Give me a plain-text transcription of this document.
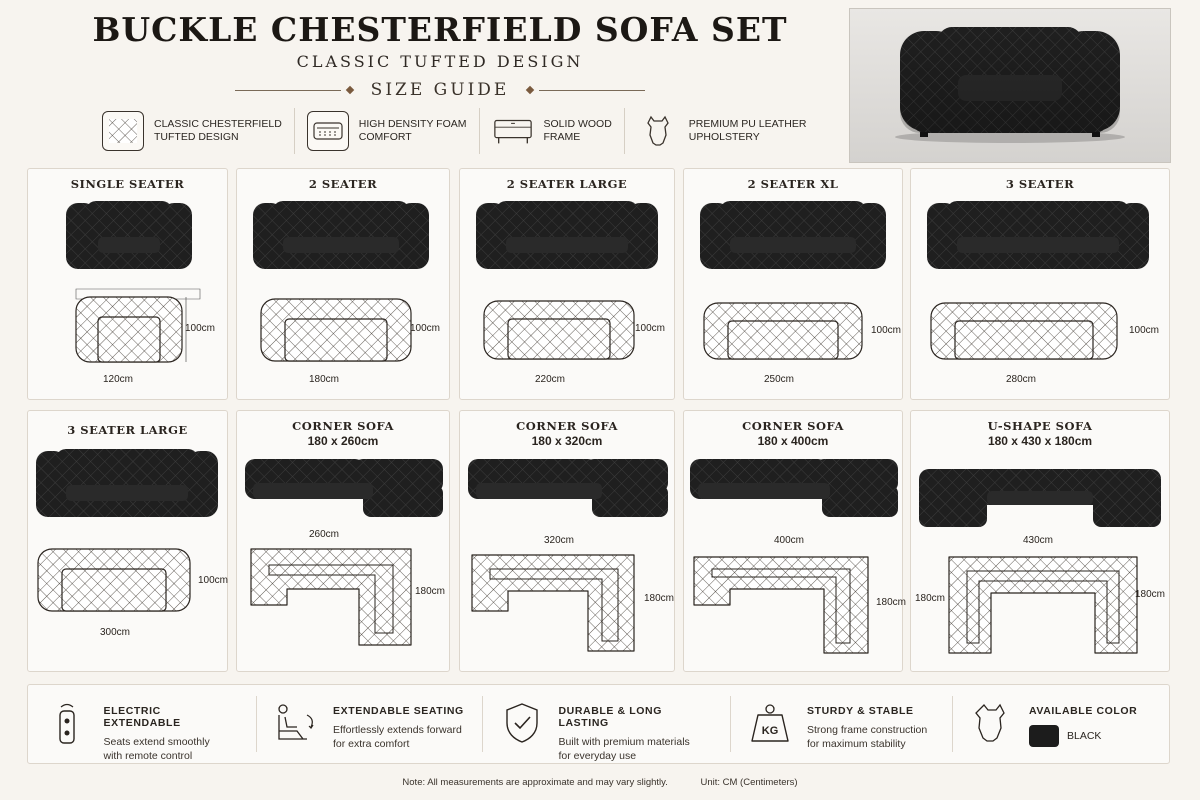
BUCKLE CHESTERFIELD SOFA SET
CLASSIC TUFTED DESIGN
SIZE GUIDE
CLASSIC CHESTERFIELD
TUFTED DESIGN
HIGH DENSITY FOAM
COMFORT
SOLID WOOD
FRAME
PREMIUM PU LEATHER
UPHOLSTERY
SINGLE SEATER
100cm
120cm
2 SEATER
100cm
180cm
2 SEATER LARGE
100cm
220cm
2 SEATER XL
100cm
250cm
3 SEATER
100cm
280cm
3 SEATER LARGE
100cm
300cm
CORNER SOFA
180 x 260cm
260cm
180cm
CORNER SOFA
180 x 320cm
320cm
180cm
CORNER SOFA
180 x 400cm
400cm
180cm
U-SHAPE SOFA
180 x 430 x 180cm
430cm
180cm	180cm
ELECTRIC EXTENDABLE
Seats extend smoothly
with remote control
EXTENDABLE SEATING
Effortlessly extends forward
for extra comfort
DURABLE & LONG LASTING
Built with premium materials
for everyday use
KG
STURDY & STABLE
Strong frame construction
for maximum stability
AVAILABLE COLOR
BLACK
Note: All measurements are approximate and may vary slightly.	Unit: CM (Centimeters)
